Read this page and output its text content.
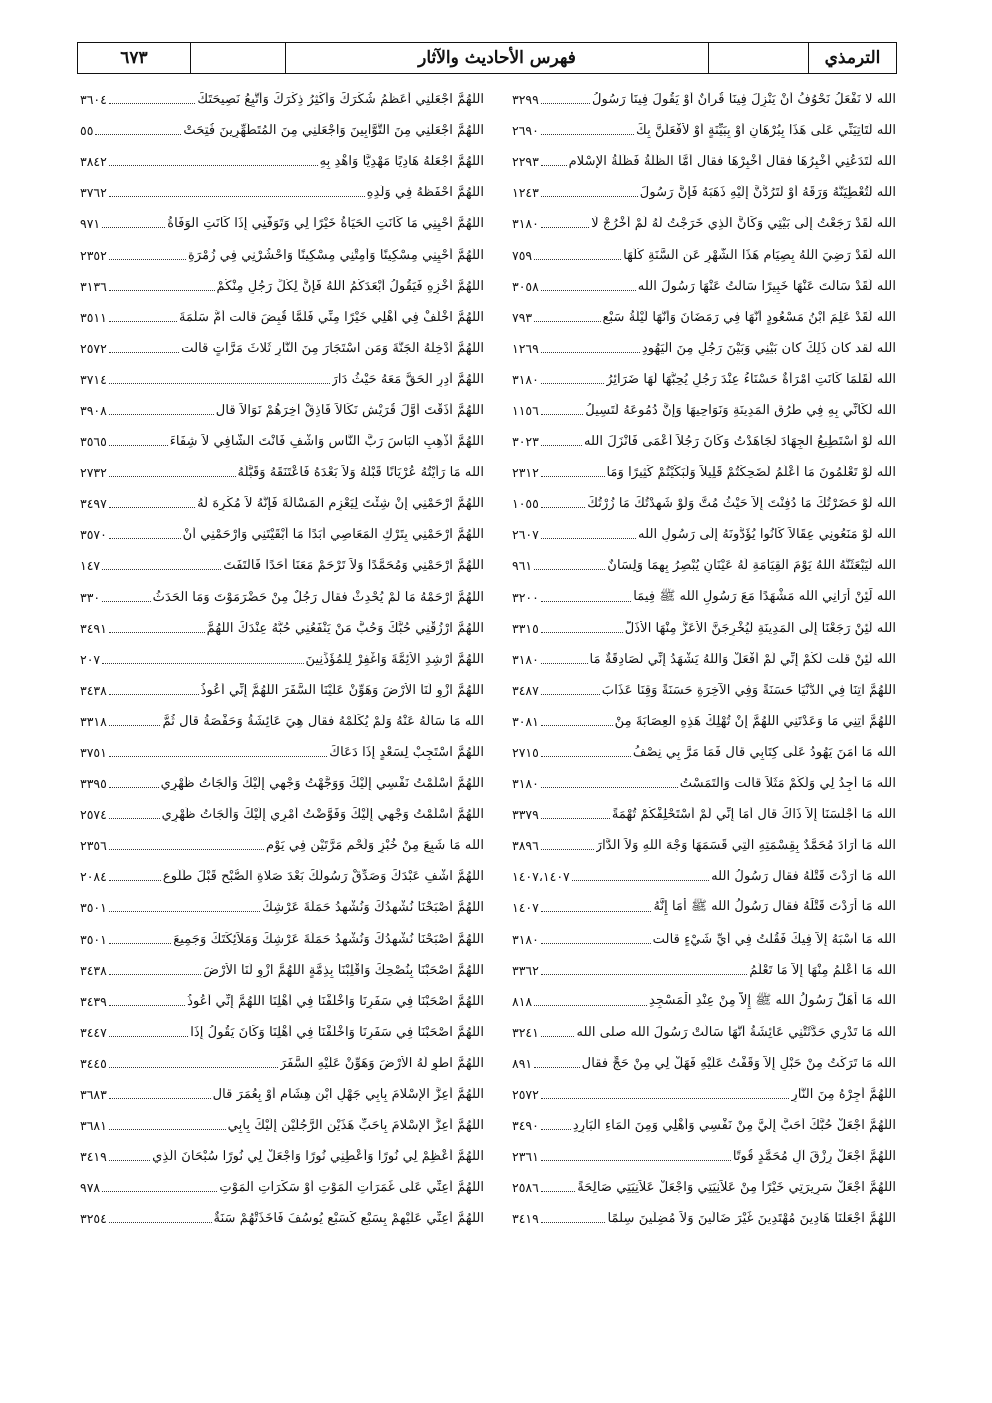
الترمذي
فهرس الأحاديث والآثار
٦٧٣
الله لا نَفْعَلُ نَحْوُفُ أَنْ يَنْزِلَ فِينَا قُرآنٌ أَوْ يَقُولَ فِينَا رَسُولُ
٣٢٩٩
الله لَتَأْتِيَنِّي عَلَى هَذَا بِبُرْهَانٍ أَوْ بِبَيِّنَةٍ أَوْ لأَفْعَلَنَّ بِكَ
٢٦٩٠
الله لَتَدَعُنِي أُخْبِرُهَا فقال أُخْبِرْهَا فقال أَمَّا الظُّلَّةُ فَظُلَّةُ الإِسْلامِ
٢٢٩٣
الله لَتُعْطِيَنَّهُ وَرَقَهُ أَوْ لَتَرُدُّنَّ إِلَيْهِ ذَهَبَهُ فَإِنَّ رَسُولَ
١٢٤٣
الله لَقَدْ رَجَعْتُ إِلَى بَيْتِي وَكَأَنَّ الَّذِي خَرَجْتُ لَهُ لَمْ أَخْرُجْ لَا
٣١٨٠
الله لَقَدْ رَضِيَ اللهُ بِصِيَامِ هَذَا الشَّهْرِ عَنِ السَّنَةِ كُلِّهَا
٧٥٩
الله لَقَدْ سَأَلْتَ عَنْهَا خَبِيرًا سَأَلْتُ عَنْهَا رَسُولَ الله
٣٠٥٨
الله لَقَدْ عَلِمَ ابْنُ مَسْعُودٍ أَنَّهَا فِي رَمَضَانَ وَأَنَّهَا لَيْلَةُ سَبْعٍ
٧٩٣
الله لقد كان ذَلِكَ كان بَيْنِي وَبَيْنَ رَجُلٍ مِنَ الْيَهُودِ
١٢٦٩
الله لَقَلَّمَا كَانَتِ امْرَأَةٌ حَسْنَاءُ عِنْدَ رَجُلٍ يُحِبُّهَا لَهَا ضَرَائِرُ
٣١٨٠
الله لَكَأَنِّي بِهِ فِي طُرُقِ الْمَدِينَةِ وَنَوَاحِيهَا وَإِنَّ دُمُوعَهُ لَتَسِيلُ
١١٥٦
الله لَوْ أَسْتَطِيعُ الْجِهَادَ لَجَاهَدْتُ وَكَانَ رَجُلاً أَعْمَى فَأَنْزَلَ الله
٣٠٢٣
الله لَوْ تَعْلَمُونَ مَا أَعْلَمُ لَضَحِكْتُمْ قَلِيلاً وَلَبَكَيْتُمْ كَثِيرًا وَمَا
٢٣١٢
الله لَوْ حَضَرْتُكَ مَا دُفِنْتَ إِلاَّ حَيْثُ مُتَّ وَلَوْ شَهِدْتُكَ مَا زُرْتُكَ
١٠٥٥
الله لَوْ مَنَعُونِي عِقَالاً كَانُوا يُؤَدُّونَهُ إِلَى رَسُولِ الله
٢٦٠٧
الله لَيَبْعَثَنَّهُ اللهُ يَوْمَ الْقِيَامَةِ لَهُ عَيْنَانِ يُبْصِرُ بِهِمَا وَلِسَانٌ
٩٦١
الله لَئِنْ أَرَانِي الله مَشْهَدًا مَعَ رَسُولِ الله ﷺ فِيمَا
٣٢٠٠
الله لَئِنْ رَجَعْنَا إِلَى الْمَدِينَةِ لَيُخْرِجَنَّ الأَعَزُّ مِنْهَا الأَذَلَّ
٣٣١٥
الله لَئِنْ قلت لَكُمْ إِنِّي لَمْ أَفْعَلْ وَاللهُ يَشْهَدُ إِنِّي لَصَادِقَةٌ مَا
٣١٨٠
اللَّهُمَّ آتِنَا فِي الدُّنْيَا حَسَنَةً وَفِي الآخِرَةِ حَسَنَةً وَقِنَا عَذَابَ
٣٤٨٧
اللَّهُمَّ آتِنِي مَا وَعَدْتَنِي اللَّهُمَّ إِنْ تُهْلِكْ هَذِهِ الْعِصَابَةَ مِنْ
٣٠٨١
الله مَا آمَنَ يَهُودُ عَلَى كِتَابِي قال فَمَا مَرَّ بِي نِصْفُ
٢٧١٥
الله مَا أَجِدُ لِي وَلَكُمْ مَثَلاً قالت وَالْتَمَسْتُ
٣١٨٠
الله مَا أَجْلَسَنَا إِلاَّ ذَاكَ قال أَمَا إِنِّي لَمْ أَسْتَحْلِفْكُمْ تُهْمَةً
٣٣٧٩
الله مَا أَرَادَ مُحَمَّدٌ بِقِسْمَتِهِ الَّتِي قَسَمَهَا وَجْهَ اللهِ وَلاَ الدَّارَ
٣٨٩٦
الله مَا أَرَدْتَ قَتْلَهُ فقال رَسُولُ الله
١٤٠٧،١٤٠٧
الله مَا أَرَدْتَ قَتْلَهُ فقال رَسُولُ الله ﷺ أَمَا إِنَّهُ
١٤٠٧
الله مَا أَسْبَهُ إِلاَّ فِيكَ فَقُلْتُ فِي أَيِّ شَيْءٍ قالت
٣١٨٠
الله مَا أَعْلَمُ مِنْهَا إِلاَّ مَا تَعْلَمُ
٣٣٦٢
الله مَا أَهَلَّ رَسُولُ الله ﷺ إِلاَّ مِنْ عِنْدِ الْمَسْجِدِ
٨١٨
الله مَا تَدْرِي حَدَّثَتْنِي عَائِشَةُ أَنَّهَا سَأَلَتْ رَسُولَ الله صلى الله
٣٢٤١
الله مَا تَرَكْتُ مِنْ حَبْلٍ إِلاَّ وَقَفْتُ عَلَيْهِ فَهَلْ لِي مِنْ حَجٍّ فقال
٨٩١
اللَّهُمَّ أَجِرْهُ مِنَ النَّارِ
٢٥٧٢
اللَّهُمَّ اجْعَلْ حُبَّكَ أَحَبَّ إِلَيَّ مِنْ نَفْسِي وَأَهْلِي وَمِنَ الْمَاءِ الْبَارِدِ
٣٤٩٠
اللَّهُمَّ اجْعَلْ رِزْقَ آلِ مُحَمَّدٍ قُوتًا
٢٣٦١
اللَّهُمَّ اجْعَلْ سَرِيرَتِي خَيْرًا مِنْ عَلاَنِيَتِي وَاجْعَلْ عَلاَنِيَتِي صَالِحَةً
٢٥٨٦
اللَّهُمَّ اجْعَلْنَا هَادِينَ مُهْتَدِينَ غَيْرَ ضَالِّينَ وَلاَ مُضِلِّينَ سِلْمًا
٣٤١٩
اللَّهُمَّ اجْعَلْنِي أُعَظِّمُ شُكْرَكَ وَأُكْثِرُ ذِكْرَكَ وَأَتَّبِعُ نَصِيحَتَكَ
٣٦٠٤
اللَّهُمَّ اجْعَلْنِي مِنَ التَّوَّابِينَ وَاجْعَلْنِي مِنَ الْمُتَطَهِّرِينَ فُتِحَتْ
٥٥
اللَّهُمَّ اجْعَلْهُ هَادِيًا مَهْدِيًّا وَاهْدِ بِهِ
٣٨٤٢
اللَّهُمَّ احْفَظْهُ فِي وَلَدِهِ
٣٧٦٢
اللَّهُمَّ أَحْيِنِي مَا كَانَتِ الْحَيَاةُ خَيْرًا لِي وَتَوَفَّنِي إِذَا كَانَتِ الْوَفَاةُ
٩٧١
اللَّهُمَّ أَحْيِنِي مِسْكِينًا وَأَمِتْنِي مِسْكِينًا وَاحْشُرْنِي فِي زُمْرَةِ
٢٣٥٢
اللَّهُمَّ أَخْزِهِ فَيَقُولُ أَبْعَدَكُمُ اللهُ فَإِنَّ لِكُلِّ رَجُلٍ مِنْكُمْ
٣١٣٦
اللَّهُمَّ اخْلُفْ فِي أَهْلِي خَيْرًا مِنِّي فَلَمَّا قُبِضَ قالت أُمُّ سَلَمَةَ
٣٥١١
اللَّهُمَّ أَدْخِلْهُ الْجَنَّةَ وَمَنِ اسْتَجَارَ مِنَ النَّارِ ثَلاثَ مَرَّاتٍ قالت
٢٥٧٢
اللَّهُمَّ أَدِرِ الْحَقَّ مَعَهُ حَيْثُ دَارَ
٣٧١٤
اللَّهُمَّ أَذَقْتَ أَوَّلَ قُرَيْشٍ نَكَالاً فَأَذِقْ آخِرَهُمْ نَوَالاً قال
٣٩٠٨
اللَّهُمَّ أَذْهِبِ الْبَأْسَ رَبَّ النَّاسِ وَاشْفِ فَأَنْتَ الشَّافِي لاَ شِفَاءَ
٣٥٦٥
الله مَا رَأَيْتُهُ عُرْيَانًا قَبْلَهُ وَلاَ بَعْدَهُ فَاعْتَنَقَهُ وَقَبَّلَهُ
٢٧٣٢
اللَّهُمَّ ارْحَمْنِي إِنْ شِئْتَ لِيَعْزِمِ الْمَسْأَلَةَ فَإِنَّهُ لاَ مُكْرِهَ لَهُ
٣٤٩٧
اللَّهُمَّ ارْحَمْنِي بِتَرْكِ الْمَعَاصِي أَبَدًا مَا أَبْقَيْتَنِي وَارْحَمْنِي أَنْ
٣٥٧٠
اللَّهُمَّ ارْحَمْنِي وَمُحَمَّدًا وَلاَ تَرْحَمْ مَعَنَا أَحَدًا فَالْتَفَتَ
١٤٧
اللَّهُمَّ ارْحَمْهُ مَا لَمْ يُحْدِثْ فقال رَجُلٌ مِنْ حَضْرَمَوْتَ وَمَا الْحَدَثُ
٣٣٠
اللَّهُمَّ ارْزُقْنِي حُبَّكَ وَحُبَّ مَنْ يَنْفَعُنِي حُبُّهُ عِنْدَكَ اللَّهُمَّ
٣٤٩١
اللَّهُمَّ أَرْشِدِ الأَئِمَّةَ وَاغْفِرْ لِلْمُؤَذِّنِينَ
٢٠٧
اللَّهُمَّ ازْوِ لَنَا الأَرْضَ وَهَوِّنْ عَلَيْنَا السَّفَرَ اللَّهُمَّ إِنِّي أَعُوذُ
٣٤٣٨
الله مَا سَأَلَهُ عَنْهُ وَلَمْ يُكَلِّمْهُ فقال هِيَ عَائِشَةُ وَحَفْصَةُ قال ثُمَّ
٣٣١٨
اللَّهُمَّ اسْتَجِبْ لِسَعْدٍ إِذَا دَعَاكَ
٣٧٥١
اللَّهُمَّ أَسْلَمْتُ نَفْسِي إِلَيْكَ وَوَجَّهْتُ وَجْهِي إِلَيْكَ وَأَلْجَأْتُ ظَهْرِي
٣٣٩٥
اللَّهُمَّ أَسْلَمْتُ وَجْهِي إِلَيْكَ وَفَوَّضْتُ أَمْرِي إِلَيْكَ وَأَلْجَأْتُ ظَهْرِي
٢٥٧٤
الله مَا شَبِعَ مِنْ خُبْزٍ وَلَحْمٍ مَرَّتَيْنِ فِي يَوْمٍ
٢٣٥٦
اللَّهُمَّ اشْفِ عَبْدَكَ وَصَدِّقْ رَسُولَكَ بَعْدَ صَلاةِ الصُّبْحِ قَبْلَ طُلُوعِ
٢٠٨٤
اللَّهُمَّ أَصْبَحْنَا نُشْهِدُكَ وَنُشْهِدُ حَمَلَةَ عَرْشِكَ
٣٥٠١
اللَّهُمَّ أَصْبَحْنَا نُشْهِدُكَ وَنُشْهِدُ حَمَلَةَ عَرْشِكَ وَمَلاَئِكَتَكَ وَجَمِيعَ
٣٥٠١
اللَّهُمَّ اصْحَبْنَا بِنُصْحِكَ وَاقْلِبْنَا بِذِمَّةٍ اللَّهُمَّ ازْوِ لَنَا الأَرْضَ
٣٤٣٨
اللَّهُمَّ اصْحَبْنَا فِي سَفَرِنَا وَاخْلُفْنَا فِي أَهْلِنَا اللَّهُمَّ إِنِّي أَعُوذُ
٣٤٣٩
اللَّهُمَّ اصْحَبْنَا فِي سَفَرِنَا وَاخْلُفْنَا فِي أَهْلِنَا وَكَانَ يَقُولُ إِذَا
٣٤٤٧
اللَّهُمَّ اطْوِ لَهُ الأَرْضَ وَهَوِّنْ عَلَيْهِ السَّفَرَ
٣٤٤٥
اللَّهُمَّ أَعِزَّ الإِسْلامَ بِأَبِي جَهْلِ ابْنِ هِشَامٍ أَوْ بِعُمَرَ قال
٣٦٨٣
اللَّهُمَّ أَعِزَّ الإِسْلامَ بِأَحَبِّ هَذَيْنِ الرَّجُلَيْنِ إِلَيْكَ بِأَبِي
٣٦٨١
اللَّهُمَّ أَعْظِمْ لِي نُورًا وَأَعْطِنِي نُورًا وَاجْعَلْ لِي نُورًا سُبْحَانَ الَّذِي
٣٤١٩
اللَّهُمَّ أَعِنِّي عَلَى غَمَرَاتِ الْمَوْتِ أَوْ سَكَرَاتِ الْمَوْتِ
٩٧٨
اللَّهُمَّ أَعِنِّي عَلَيْهِمْ بِسَبْعٍ كَسَبْعِ يُوسُفَ فَأَخَذَتْهُمْ سَنَةٌ
٣٢٥٤
